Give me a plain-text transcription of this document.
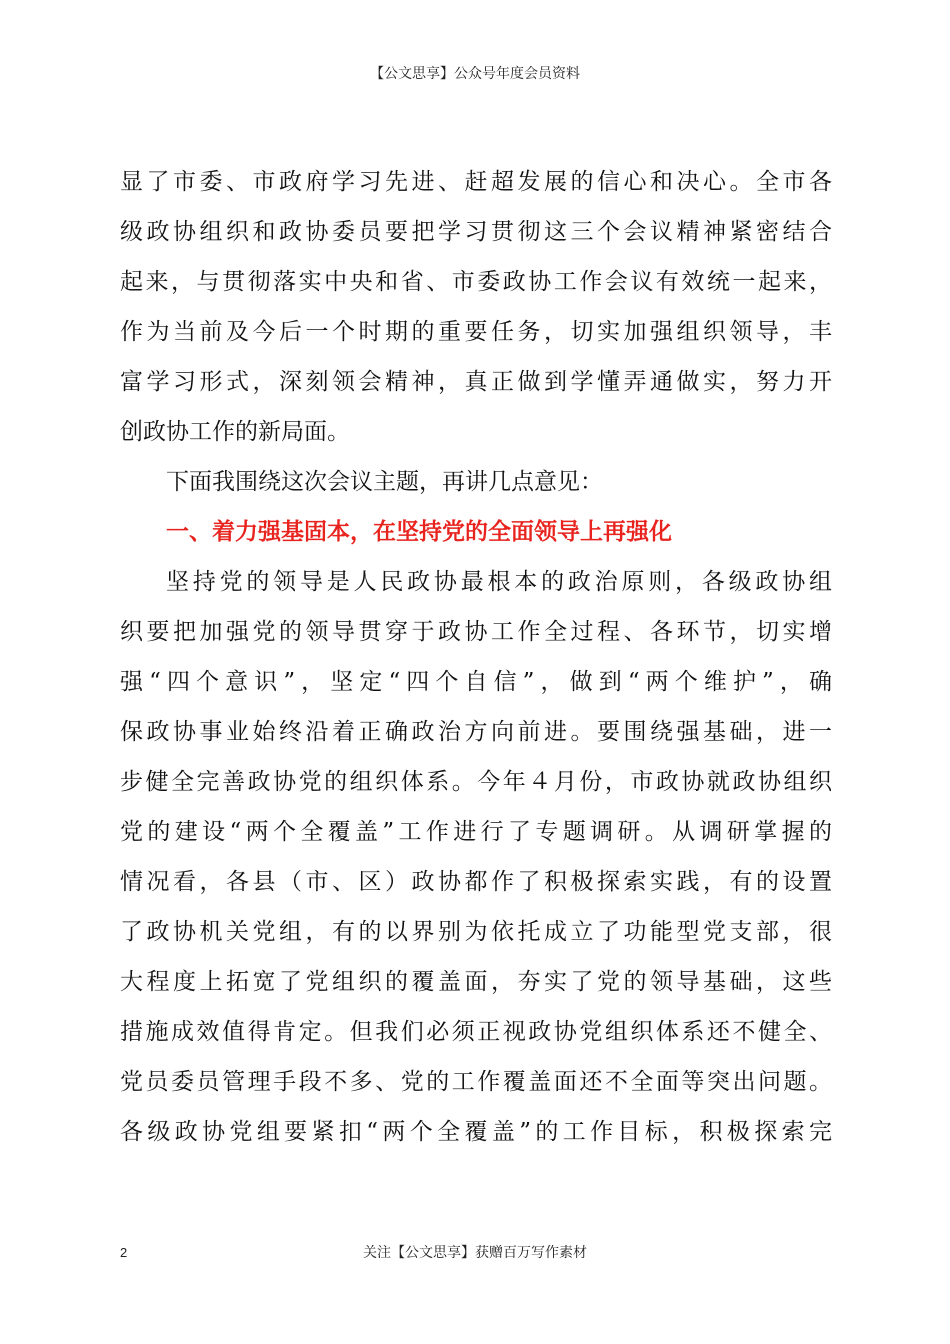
【公文思享】公众号年度会员资料
显了市委、市政府学习先进、赶超发展的信心和决心。全市各
级政协组织和政协委员要把学习贯彻这三个会议精神紧密结合
起来，与贯彻落实中央和省、市委政协工作会议有效统一起来，
作为当前及今后一个时期的重要任务，切实加强组织领导，丰
富学习形式，深刻领会精神，真正做到学懂弄通做实，努力开
创政协工作的新局面。
下面我围绕这次会议主题，再讲几点意见：
一、着力强基固本，在坚持党的全面领导上再强化
坚持党的领导是人民政协最根本的政治原则，各级政协组
织要把加强党的领导贯穿于政协工作全过程、各环节，切实增
强“四个意识”，坚定“四个自信”，做到“两个维护”，确
保政协事业始终沿着正确政治方向前进。要围绕强基础，进一
步健全完善政协党的组织体系。今年４月份，市政协就政协组织
党的建设“两个全覆盖”工作进行了专题调研。从调研掌握的
情况看，各县（市、区）政协都作了积极探索实践，有的设置
了政协机关党组，有的以界别为依托成立了功能型党支部，很
大程度上拓宽了党组织的覆盖面，夯实了党的领导基础，这些
措施成效值得肯定。但我们必须正视政协党组织体系还不健全、
党员委员管理手段不多、党的工作覆盖面还不全面等突出问题。
各级政协党组要紧扣“两个全覆盖”的工作目标，积极探索完
2	关注【公文思享】获赠百万写作素材
